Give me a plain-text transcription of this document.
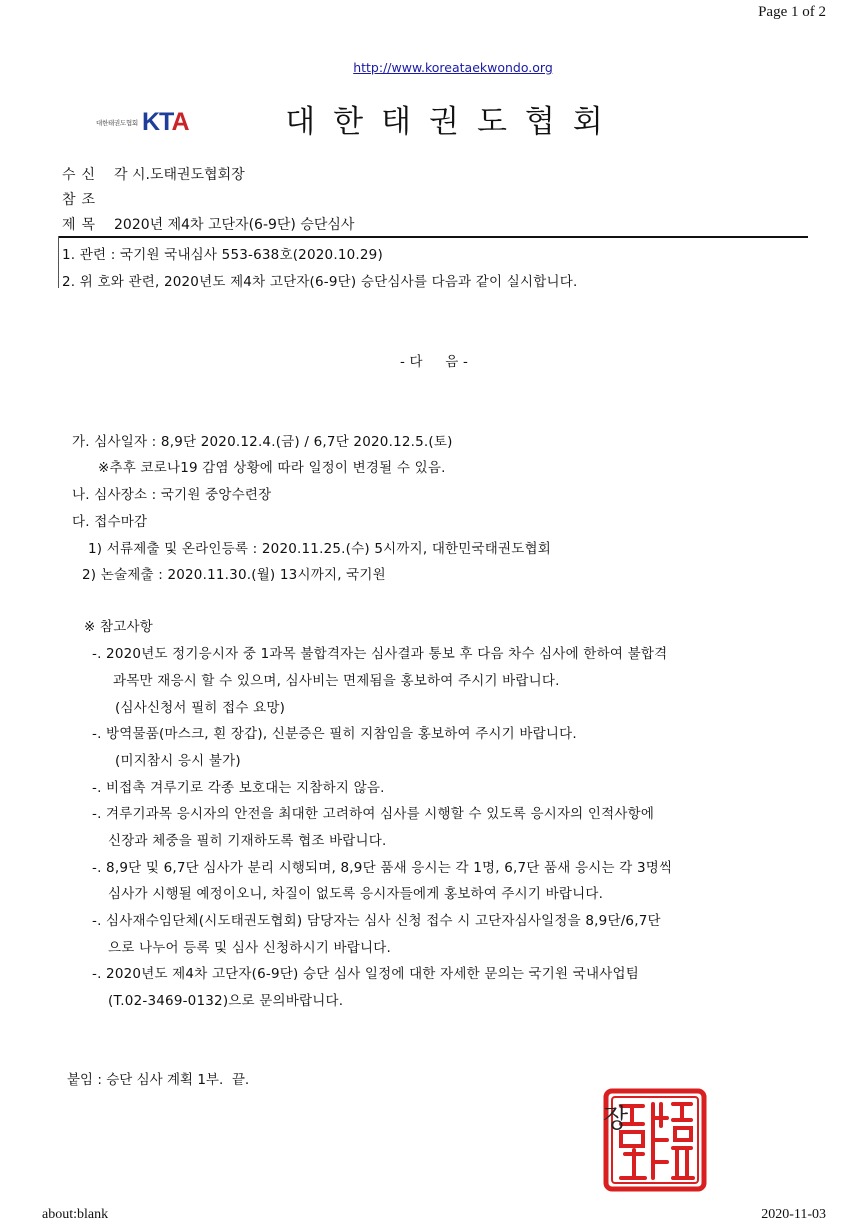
Page 1 of 2
http://www.koreataekwondo.org
대한태권도협회 KTA	대한태권도협회
수신 각 시.도태권도협회장
참조
제목 2020년 제4차 고단자(6-9단) 승단심사
1. 관련 : 국기원 국내심사 553-638호(2020.10.29)
2. 위 호와 관련, 2020년도 제4차 고단자(6-9단) 승단심사를 다음과 같이 실시합니다.
- 다     음 -
가. 심사일자 : 8,9단 2020.12.4.(금) / 6,7단 2020.12.5.(토)
※추후 코로나19 감염 상황에 따라 일정이 변경될 수 있음.
나. 심사장소 : 국기원 중앙수련장
다. 접수마감
1) 서류제출 및 온라인등록 : 2020.11.25.(수) 5시까지, 대한민국태권도협회
2) 논술제출 : 2020.11.30.(월) 13시까지, 국기원
※ 참고사항
-. 2020년도 정기응시자 중 1과목 불합격자는 심사결과 통보 후 다음 차수 심사에 한하여 불합격
과목만 재응시 할 수 있으며, 심사비는 면제됨을 홍보하여 주시기 바랍니다.
(심사신청서 필히 접수 요망)
-. 방역물품(마스크, 흰 장갑), 신분증은 필히 지참임을 홍보하여 주시기 바랍니다.
(미지참시 응시 불가)
-. 비접촉 겨루기로 각종 보호대는 지참하지 않음.
-. 겨루기과목 응시자의 안전을 최대한 고려하여 심사를 시행할 수 있도록 응시자의 인적사항에
신장과 체중을 필히 기재하도록 협조 바랍니다.
-. 8,9단 및 6,7단 심사가 분리 시행되며, 8,9단 품새 응시는 각 1명, 6,7단 품새 응시는 각 3명씩
심사가 시행될 예정이오니, 차질이 없도록 응시자들에게 홍보하여 주시기 바랍니다.
-. 심사재수임단체(시도태권도협회) 담당자는 심사 신청 접수 시 고단자심사일정을 8,9단/6,7단
으로 나누어 등록 및 심사 신청하시기 바랍니다.
-. 2020년도 제4차 고단자(6-9단) 승단 심사 일정에 대한 자세한 문의는 국기원 국내사업팀
(T.02-3469-0132)으로 문의바랍니다.
붙임 : 승단 심사 계획 1부.  끝.
장
about:blank	2020-11-03
